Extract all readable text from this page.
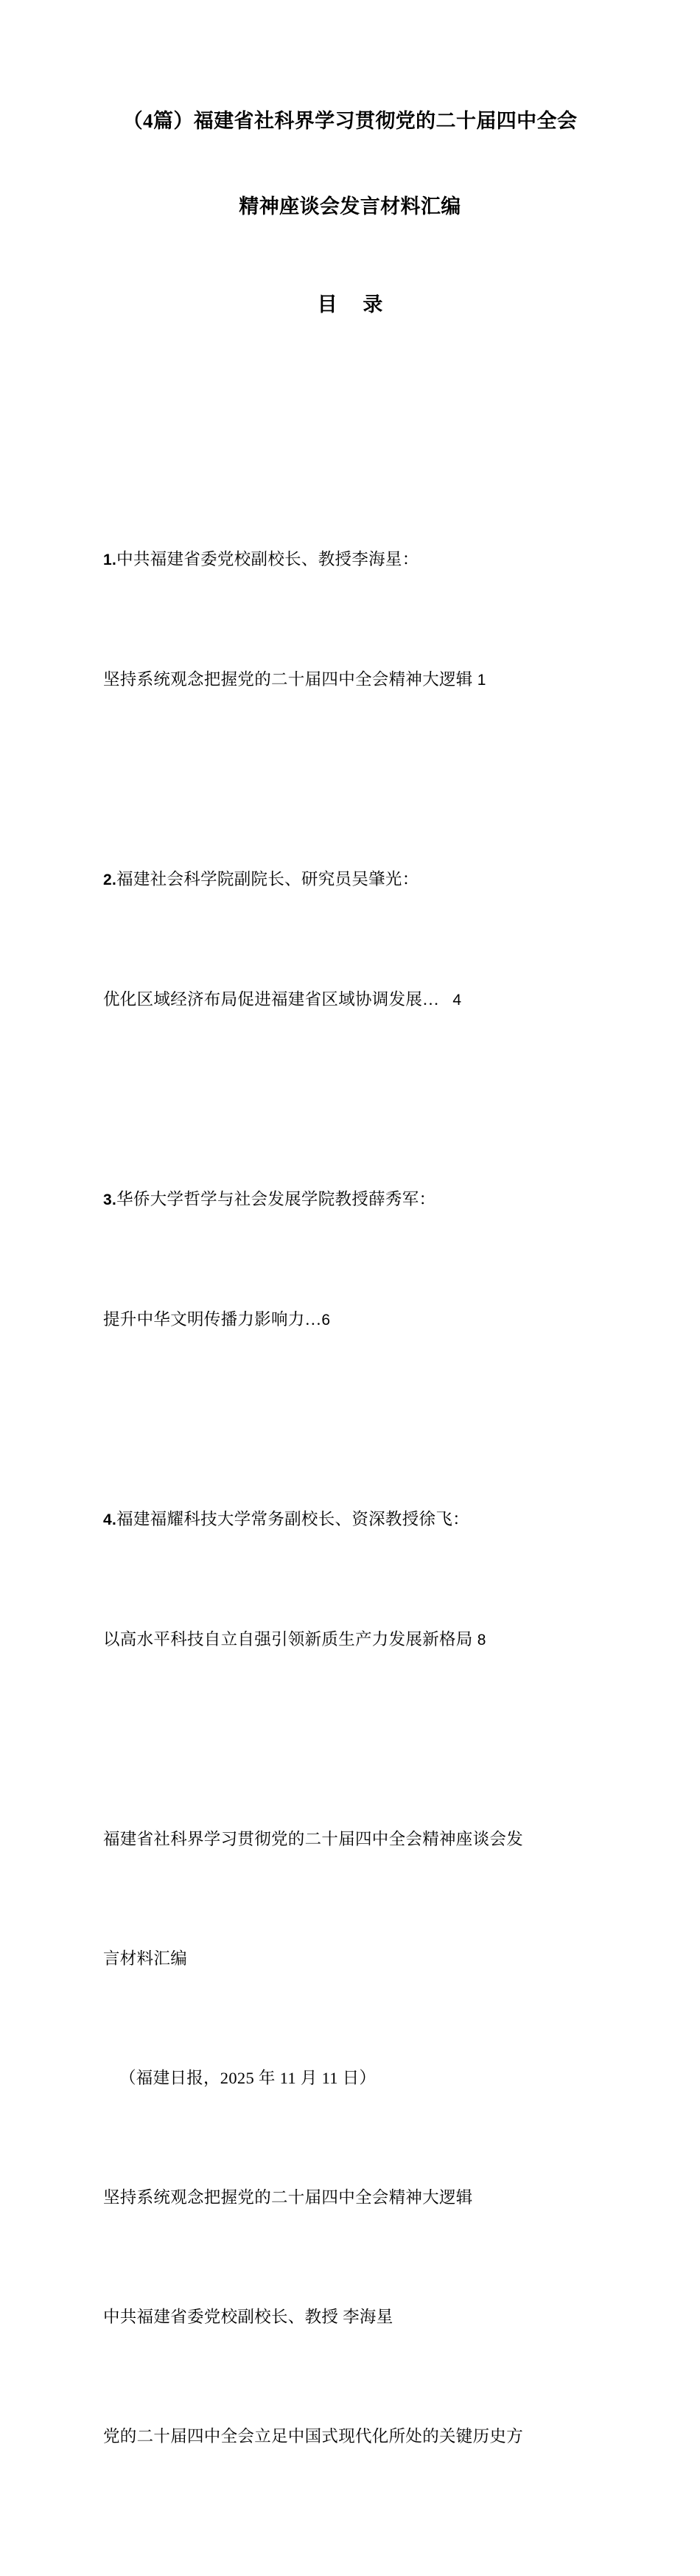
（4篇）福建省社科界学习贯彻党的二十届四中全会
精神座谈会发言材料汇编
目 录

1.中共福建省委党校副校长、教授李海星：

坚持系统观念把握党的二十届四中全会精神大逻辑 1

2.福建社会科学院副院长、研究员吴肇光：

优化区域经济布局促进福建省区域协调发展… 4

3.华侨大学哲学与社会发展学院教授薛秀军：

提升中华文明传播力影响力…6

4.福建福耀科技大学常务副校长、资深教授徐飞：

以高水平科技自立自强引领新质生产力发展新格局 8

福建省社科界学习贯彻党的二十届四中全会精神座谈会发

言材料汇编

（福建日报，2025 年 11 月 11 日）

坚持系统观念把握党的二十届四中全会精神大逻辑

中共福建省委党校副校长、教授 李海星

党的二十届四中全会立足中国式现代化所处的关键历史方
